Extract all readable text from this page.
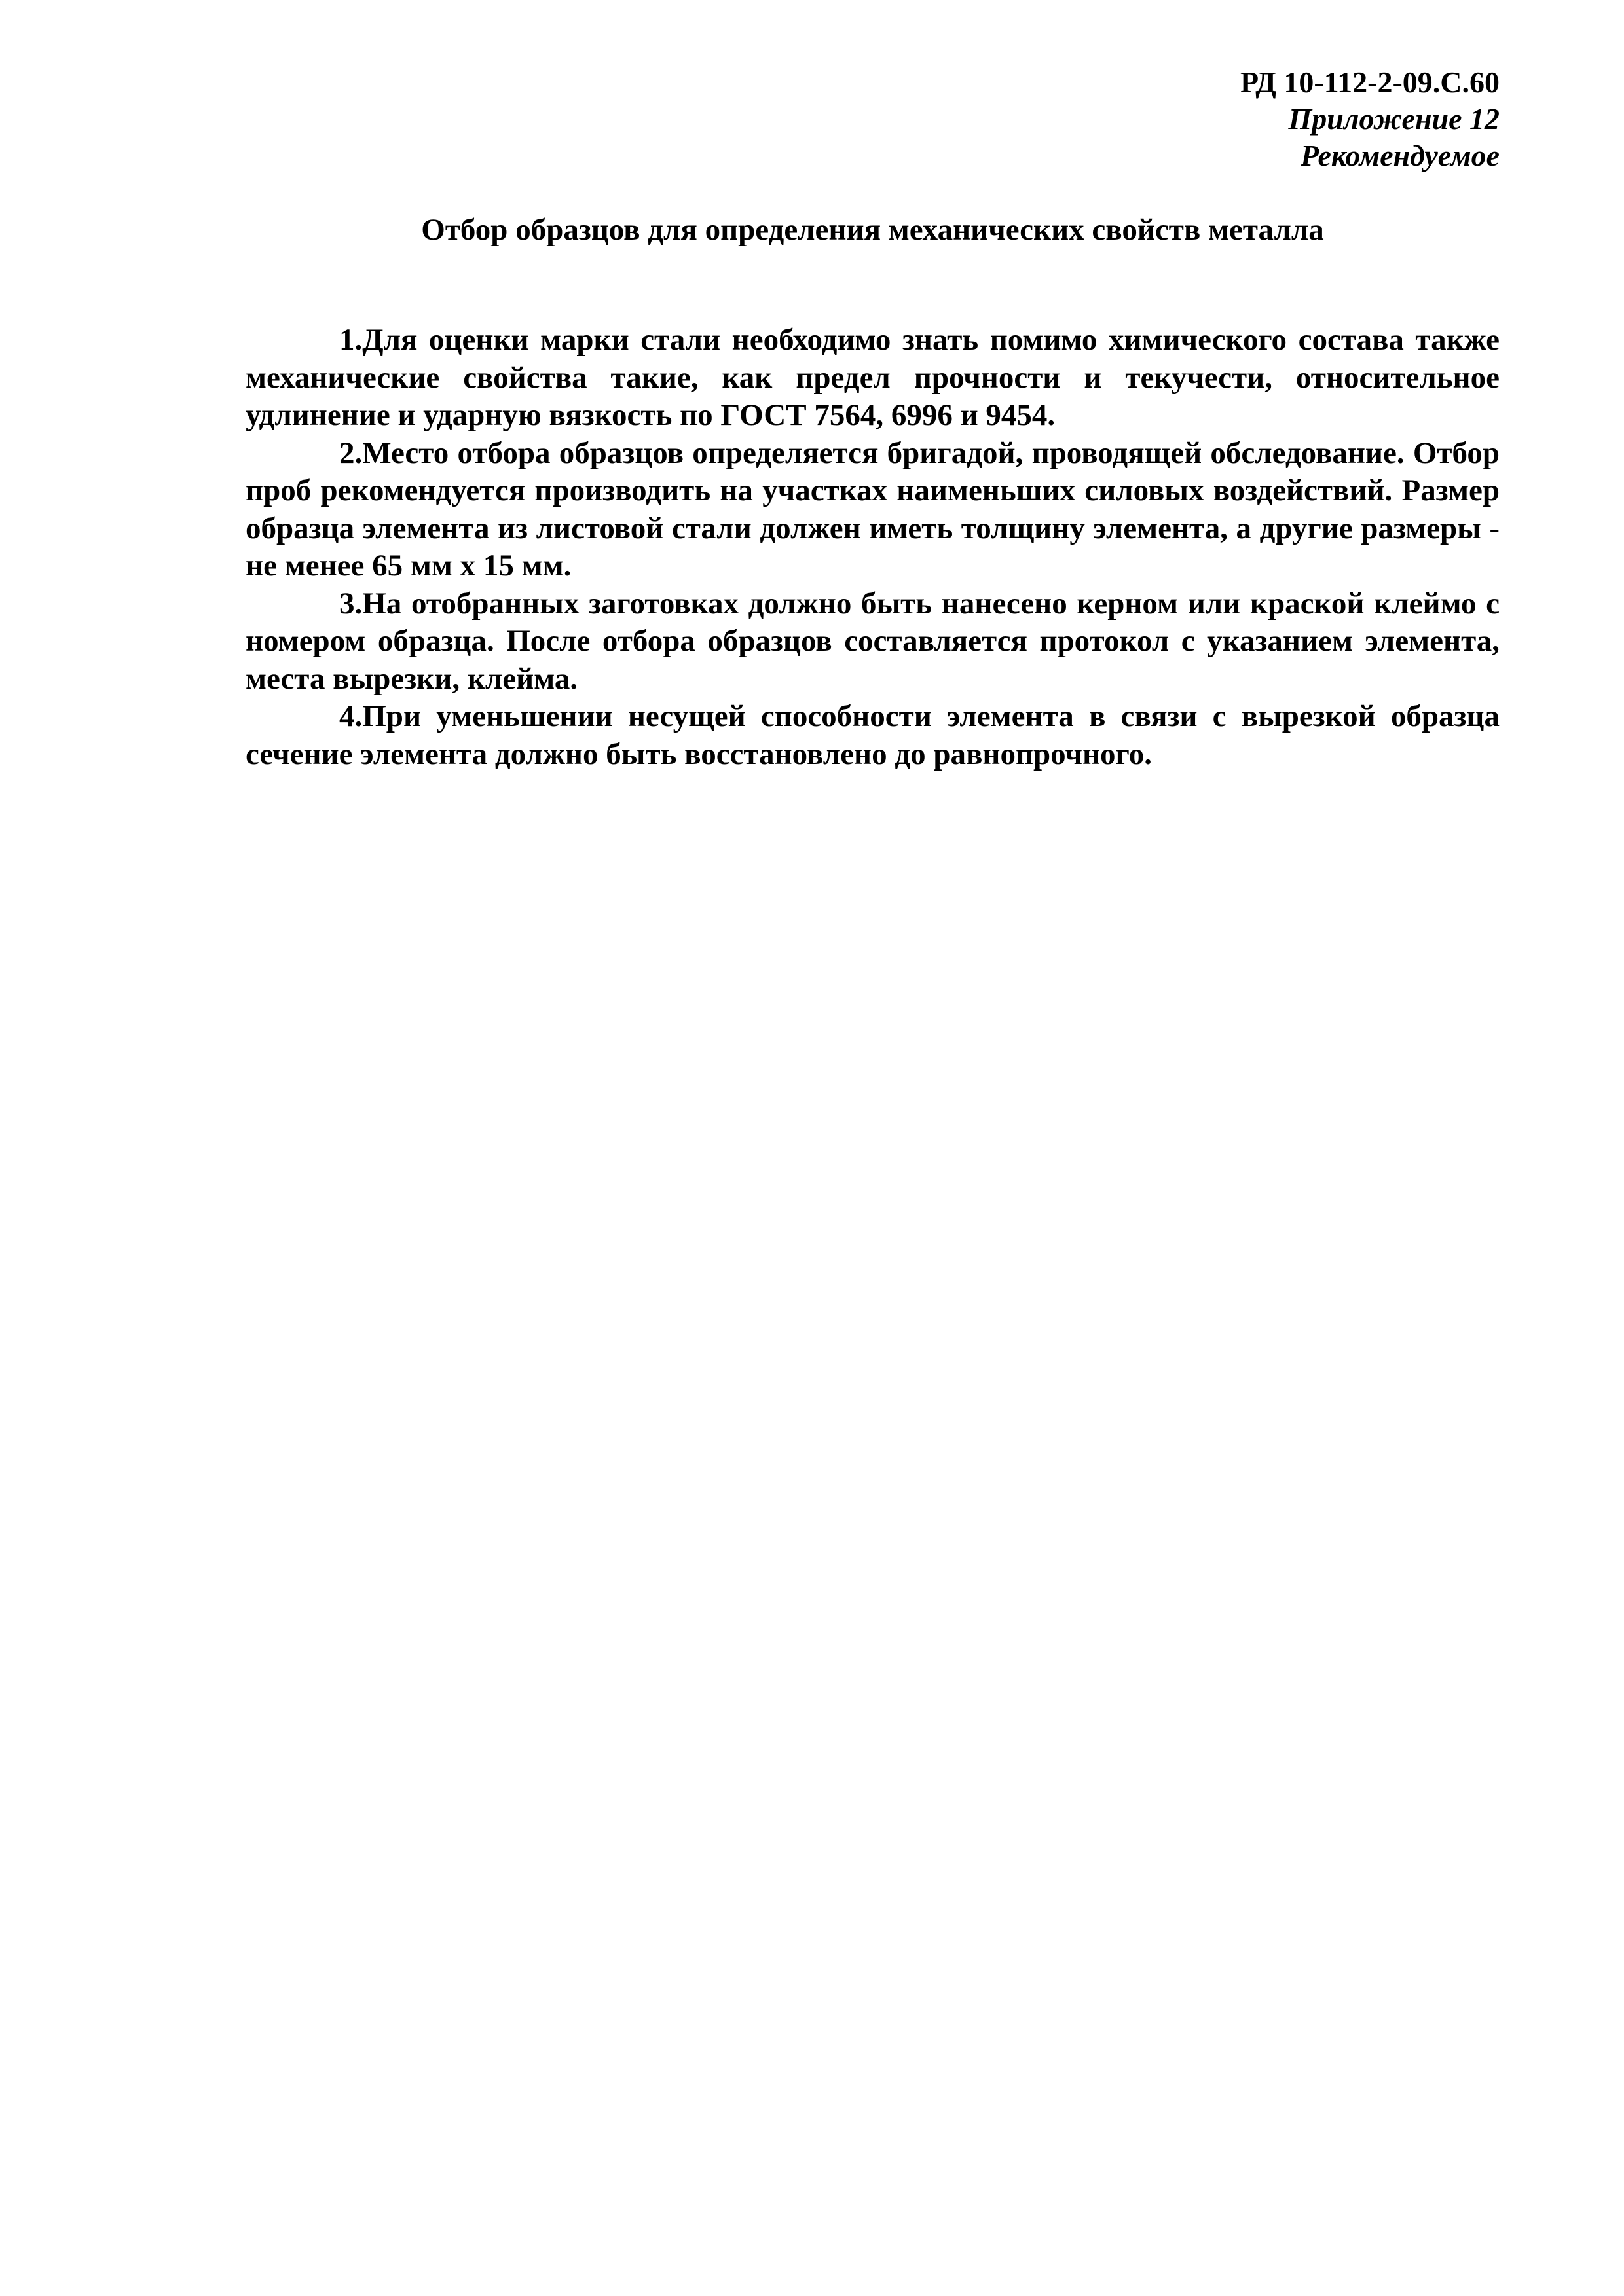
РД 10-112-2-09.С.60
Приложение 12
Рекомендуемое
Отбор образцов для определения механических свойств металла

1.Для оценки марки стали необходимо знать помимо химического состава также механические свойства такие, как предел прочности и текучести, относительное удлинение и ударную вязкость по ГОСТ 7564, 6996 и 9454.

2.Место отбора образцов определяется бригадой, проводящей обследование. Отбор проб рекомендуется производить на участках наименьших силовых воздействий. Размер образца элемента из листовой стали должен иметь толщину элемента, а другие размеры - не менее 65 мм х 15 мм.

3.На отобранных заготовках должно быть нанесено керном или краской клеймо с номером образца. После отбора образцов составляется протокол с указанием элемента, места вырезки, клейма.

4.При уменьшении несущей способности элемента в связи с вырезкой образца сечение элемента должно быть восстановлено до равнопрочного.
